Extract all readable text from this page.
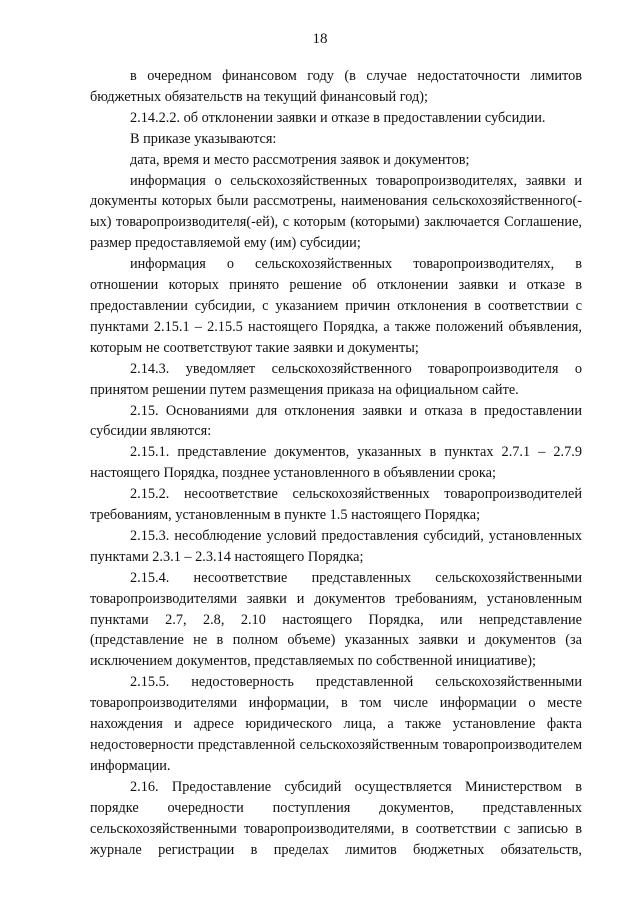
18

в очередном финансовом году (в случае недостаточности лимитов бюджетных обязательств на текущий финансовый год);

2.14.2.2. об отклонении заявки и отказе в предоставлении субсидии.

В приказе указываются:

дата, время и место рассмотрения заявок и документов;

информация о сельскохозяйственных товаропроизводителях, заявки и документы которых были рассмотрены, наименования сельскохозяйственного(-ых) товаропроизводителя(-ей), с которым (которыми) заключается Соглашение, размер предоставляемой ему (им) субсидии;

информация о сельскохозяйственных товаропроизводителях, в отношении которых принято решение об отклонении заявки и отказе в предоставлении субсидии, с указанием причин отклонения в соответствии с пунктами 2.15.1 – 2.15.5 настоящего Порядка, а также положений объявления, которым не соответствуют такие заявки и документы;

2.14.3. уведомляет сельскохозяйственного товаропроизводителя о принятом решении путем размещения приказа на официальном сайте.

2.15. Основаниями для отклонения заявки и отказа в предоставлении субсидии являются:

2.15.1. представление документов, указанных в пунктах 2.7.1 – 2.7.9 настоящего Порядка, позднее установленного в объявлении срока;

2.15.2. несоответствие сельскохозяйственных товаропроизводителей требованиям, установленным в пункте 1.5 настоящего Порядка;

2.15.3. несоблюдение условий предоставления субсидий, установленных пунктами 2.3.1 – 2.3.14 настоящего Порядка;

2.15.4. несоответствие представленных сельскохозяйственными товаропроизводителями заявки и документов требованиям, установленным пунктами 2.7, 2.8, 2.10 настоящего Порядка, или непредставление (представление не в полном объеме) указанных заявки и документов (за исключением документов, представляемых по собственной инициативе);

2.15.5. недостоверность представленной сельскохозяйственными товаропроизводителями информации, в том числе информации о месте нахождения и адресе юридического лица, а также установление факта недостоверности представленной сельскохозяйственным товаропроизводителем информации.

2.16. Предоставление субсидий осуществляется Министерством в порядке очередности поступления документов, представленных сельскохозяйственными товаропроизводителями, в соответствии с записью в журнале регистрации в пределах лимитов бюджетных обязательств,
